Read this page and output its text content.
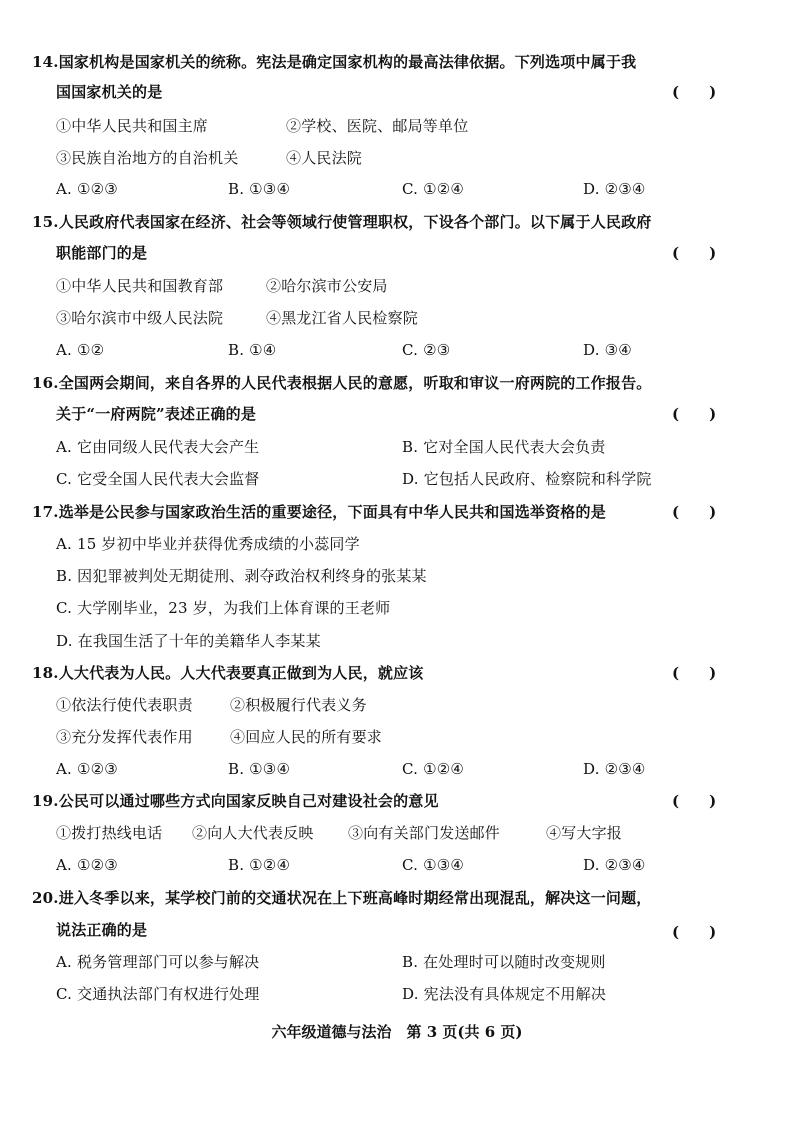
14.国家机构是国家机关的统称。宪法是确定国家机构的最高法律依据。下列选项中属于我
国国家机关的是	(　　)
①中华人民共和国主席	②学校、医院、邮局等单位
③民族自治地方的自治机关	④人民法院
A. ①②③	B. ①③④	C. ①②④	D. ②③④
15.人民政府代表国家在经济、社会等领域行使管理职权，下设各个部门。以下属于人民政府
职能部门的是	(　　)
①中华人民共和国教育部	②哈尔滨市公安局
③哈尔滨市中级人民法院	④黑龙江省人民检察院
A. ①②	B. ①④	C. ②③	D. ③④
16.全国两会期间，来自各界的人民代表根据人民的意愿，听取和审议一府两院的工作报告。
关于“一府两院”表述正确的是	(　　)
A. 它由同级人民代表大会产生	B. 它对全国人民代表大会负责
C. 它受全国人民代表大会监督	D. 它包括人民政府、检察院和科学院
17.选举是公民参与国家政治生活的重要途径，下面具有中华人民共和国选举资格的是	(　　)
A. 15 岁初中毕业并获得优秀成绩的小蕊同学
B. 因犯罪被判处无期徒刑、剥夺政治权利终身的张某某
C. 大学刚毕业，23 岁，为我们上体育课的王老师
D. 在我国生活了十年的美籍华人李某某
18.人大代表为人民。人大代表要真正做到为人民，就应该	(　　)
①依法行使代表职责 ②积极履行代表义务
③充分发挥代表作用 ④回应人民的所有要求
A. ①②③	B. ①③④	C. ①②④	D. ②③④
19.公民可以通过哪些方式向国家反映自己对建设社会的意见	(　　)
①拨打热线电话 ②向人大代表反映 ③向有关部门发送邮件	④写大字报
A. ①②③	B. ①②④	C. ①③④	D. ②③④
20.进入冬季以来，某学校门前的交通状况在上下班高峰时期经常出现混乱，解决这一问题，
说法正确的是	(　　)
A. 税务管理部门可以参与解决	B. 在处理时可以随时改变规则
C. 交通执法部门有权进行处理	D. 宪法没有具体规定不用解决
六年级道德与法治　第 3 页(共 6 页)
